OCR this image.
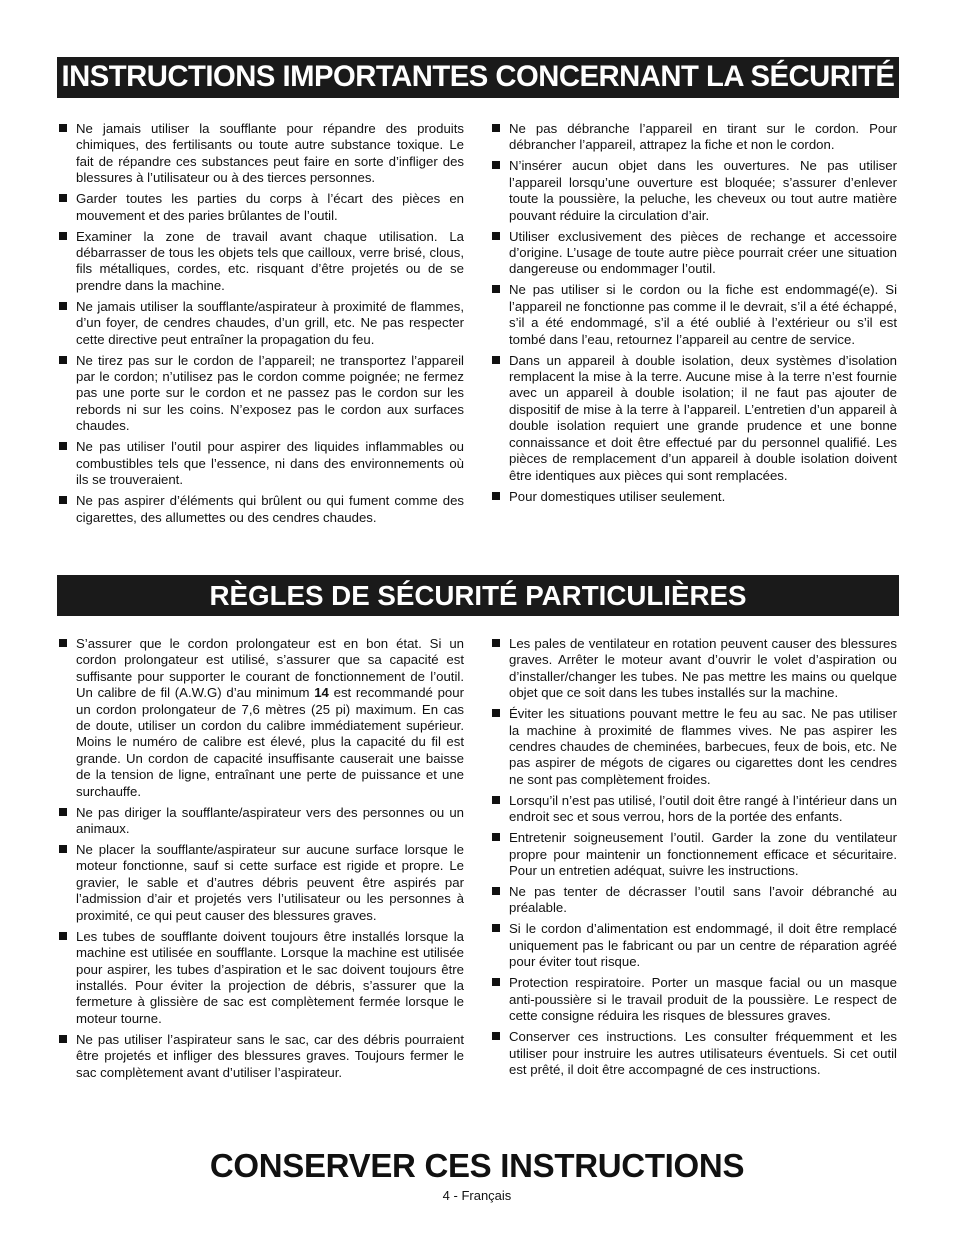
INSTRUCTIONS IMPORTANTES CONCERNANT LA SÉCURITÉ
Ne jamais utiliser la soufflante pour répandre des produits chimiques, des fertilisants ou toute autre substance toxique. Le fait de répandre ces substances peut faire en sorte d’infliger des blessures à l’utilisateur ou à des tierces personnes.
Garder toutes les parties du corps à l’écart des pièces en mouvement et des paries brûlantes de l’outil.
Examiner la zone de travail avant chaque utilisation. La débarrasser de tous les objets tels que cailloux, verre brisé, clous, fils métalliques, cordes, etc. risquant d’être projetés ou de se prendre dans la machine.
Ne jamais utiliser la soufflante/aspirateur à proximité de flammes, d’un foyer, de cendres chaudes, d’un grill, etc. Ne pas respecter cette directive peut entraîner la propagation du feu.
Ne tirez pas sur le cordon de l’appareil; ne transportez l’appareil par le cordon; n’utilisez pas le cordon comme poignée; ne fermez pas une porte sur le cordon et ne passez pas le cordon sur les rebords ni sur les coins. N’exposez pas le cordon aux surfaces chaudes.
Ne pas utiliser l’outil pour aspirer des liquides inflammables ou combustibles tels que l’essence, ni dans des environnements où ils se trouveraient.
Ne pas aspirer d’éléments qui brûlent ou qui fument comme des cigarettes, des allumettes ou des cendres chaudes.
Ne pas débranche l’appareil en tirant sur le cordon. Pour débrancher l’appareil, attrapez la fiche et non le cordon.
N’insérer aucun objet dans les ouvertures. Ne pas utiliser l’appareil lorsqu’une ouverture est bloquée; s’assurer d’enlever toute la poussière, la peluche, les cheveux ou tout autre matière pouvant réduire la circulation d’air.
Utiliser exclusivement des pièces de rechange et accessoire d’origine. L’usage de toute autre pièce pourrait créer une situation dangereuse ou endommager l’outil.
Ne pas utiliser si le cordon ou la fiche est endommagé(e). Si l’appareil ne fonctionne pas comme il le devrait, s’il a été échappé, s’il a été endommagé, s’il a été oublié à l’extérieur ou s’il est tombé dans l’eau, retournez l’appareil au centre de service.
Dans un appareil à double isolation, deux systèmes d’isolation remplacent la mise à la terre. Aucune mise à la terre n’est fournie avec un appareil à double isolation; il ne faut pas ajouter de dispositif de mise à la terre à l’appareil. L’entretien d’un appareil à double isolation requiert une grande prudence et une bonne connaissance et doit être effectué par du personnel qualifié. Les pièces de remplacement d’un appareil à double isolation doivent être identiques aux pièces qui sont remplacées.
Pour domestiques utiliser seulement.
RÈGLES DE SÉCURITÉ PARTICULIÈRES
S’assurer que le cordon prolongateur est en bon état. Si un cordon prolongateur est utilisé, s’assurer que sa capacité est suffisante pour supporter le courant de fonctionnement de l’outil. Un calibre de fil (A.W.G) d’au minimum 14 est recommandé pour un cordon prolongateur de 7,6 mètres (25 pi) maximum. En cas de doute, utiliser un cordon du calibre immédiatement supérieur. Moins le numéro de calibre est élevé, plus la capacité du fil est grande. Un cordon de capacité insuffisante causerait une baisse de la tension de ligne, entraînant une perte de puissance et une surchauffe.
Ne pas diriger la soufflante/aspirateur vers des personnes ou un animaux.
Ne placer la soufflante/aspirateur sur aucune surface lorsque le moteur fonctionne, sauf si cette surface est rigide et propre. Le gravier, le sable et d’autres débris peuvent être aspirés par l’admission d’air et projetés vers l’utilisateur ou les personnes à proximité, ce qui peut causer des blessures graves.
Les tubes de soufflante doivent toujours être installés lorsque la machine est utilisée en soufflante. Lorsque la machine est utilisée pour aspirer, les tubes d’aspiration et le sac doivent toujours être installés. Pour éviter la projection de débris, s’assurer que la fermeture à glissière de sac est complètement fermée lorsque le moteur tourne.
Ne pas utiliser l’aspirateur sans le sac, car des débris pourraient être projetés et infliger des blessures graves. Toujours fermer le sac complètement avant d’utiliser l’aspirateur.
Les pales de ventilateur en rotation peuvent causer des blessures graves. Arrêter le moteur avant d’ouvrir le volet d’aspiration ou d’installer/changer les tubes. Ne pas mettre les mains ou quelque objet que ce soit dans les tubes installés sur la machine.
Éviter les situations pouvant mettre le feu au sac. Ne pas utiliser la machine à proximité de flammes vives. Ne pas aspirer les cendres chaudes de cheminées, barbecues, feux de bois, etc. Ne pas aspirer de mégots de cigares ou cigarettes dont les cendres ne sont pas complètement froides.
Lorsqu’il n’est pas utilisé, l’outil doit être rangé à l’intérieur dans un endroit sec et sous verrou, hors de la portée des enfants.
Entretenir soigneusement l’outil. Garder la zone du ventilateur propre pour maintenir un fonctionnement efficace et sécuritaire. Pour un entretien adéquat, suivre les instructions.
Ne pas tenter de décrasser l’outil sans l’avoir débranché au préalable.
Si le cordon d’alimentation est endommagé, il doit être remplacé uniquement pas le fabricant ou par un centre de réparation agréé pour éviter tout risque.
Protection respiratoire. Porter un masque facial ou un masque anti-poussière si le travail produit de la poussière. Le respect de cette consigne réduira les risques de blessures graves.
Conserver ces instructions. Les consulter fréquemment et les utiliser pour instruire les autres utilisateurs éventuels. Si cet outil est prêté, il doit être accompagné de ces instructions.
CONSERVER CES INSTRUCTIONS
4 - Français
